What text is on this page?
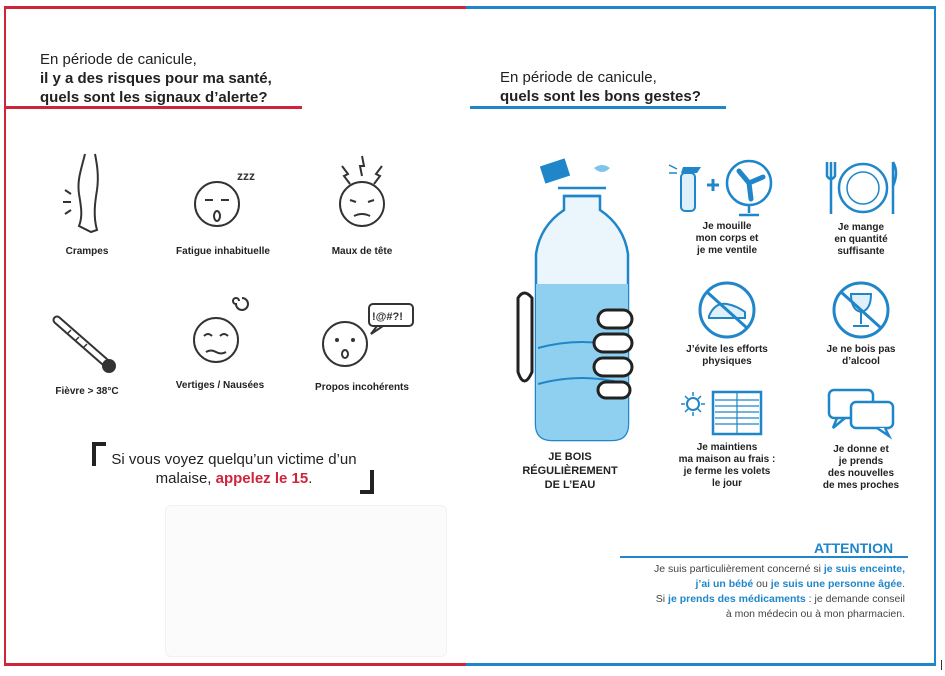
En période de canicule,
il y a des risques pour ma santé,
quels sont les signaux d’alerte?
Crampes
zzz
Fatigue inhabituelle	Maux de tête
Fièvre > 38°C
Vertiges / Nausées
!@#?!
Propos incohérents
Si vous voyez quelqu’un victime d’un malaise, appelez le 15.
En période de canicule,
quels sont les bons gestes?
JE BOIS
RÉGULIÈREMENT
DE L’EAU
Je mouille
mon corps et
je me ventile
Je mange
en quantité
suffisante
J’évite les efforts
physiques
Je ne bois pas
d’alcool
Je maintiens
ma maison au frais :
je ferme les volets
le jour
Je donne et
je prends
des nouvelles
de mes proches
ATTENTION
Je suis particulièrement concerné si je suis enceinte,
j’ai un bébé ou je suis une personne âgée.
Si je prends des médicaments : je demande conseil
à mon médecin ou à mon pharmacien.
